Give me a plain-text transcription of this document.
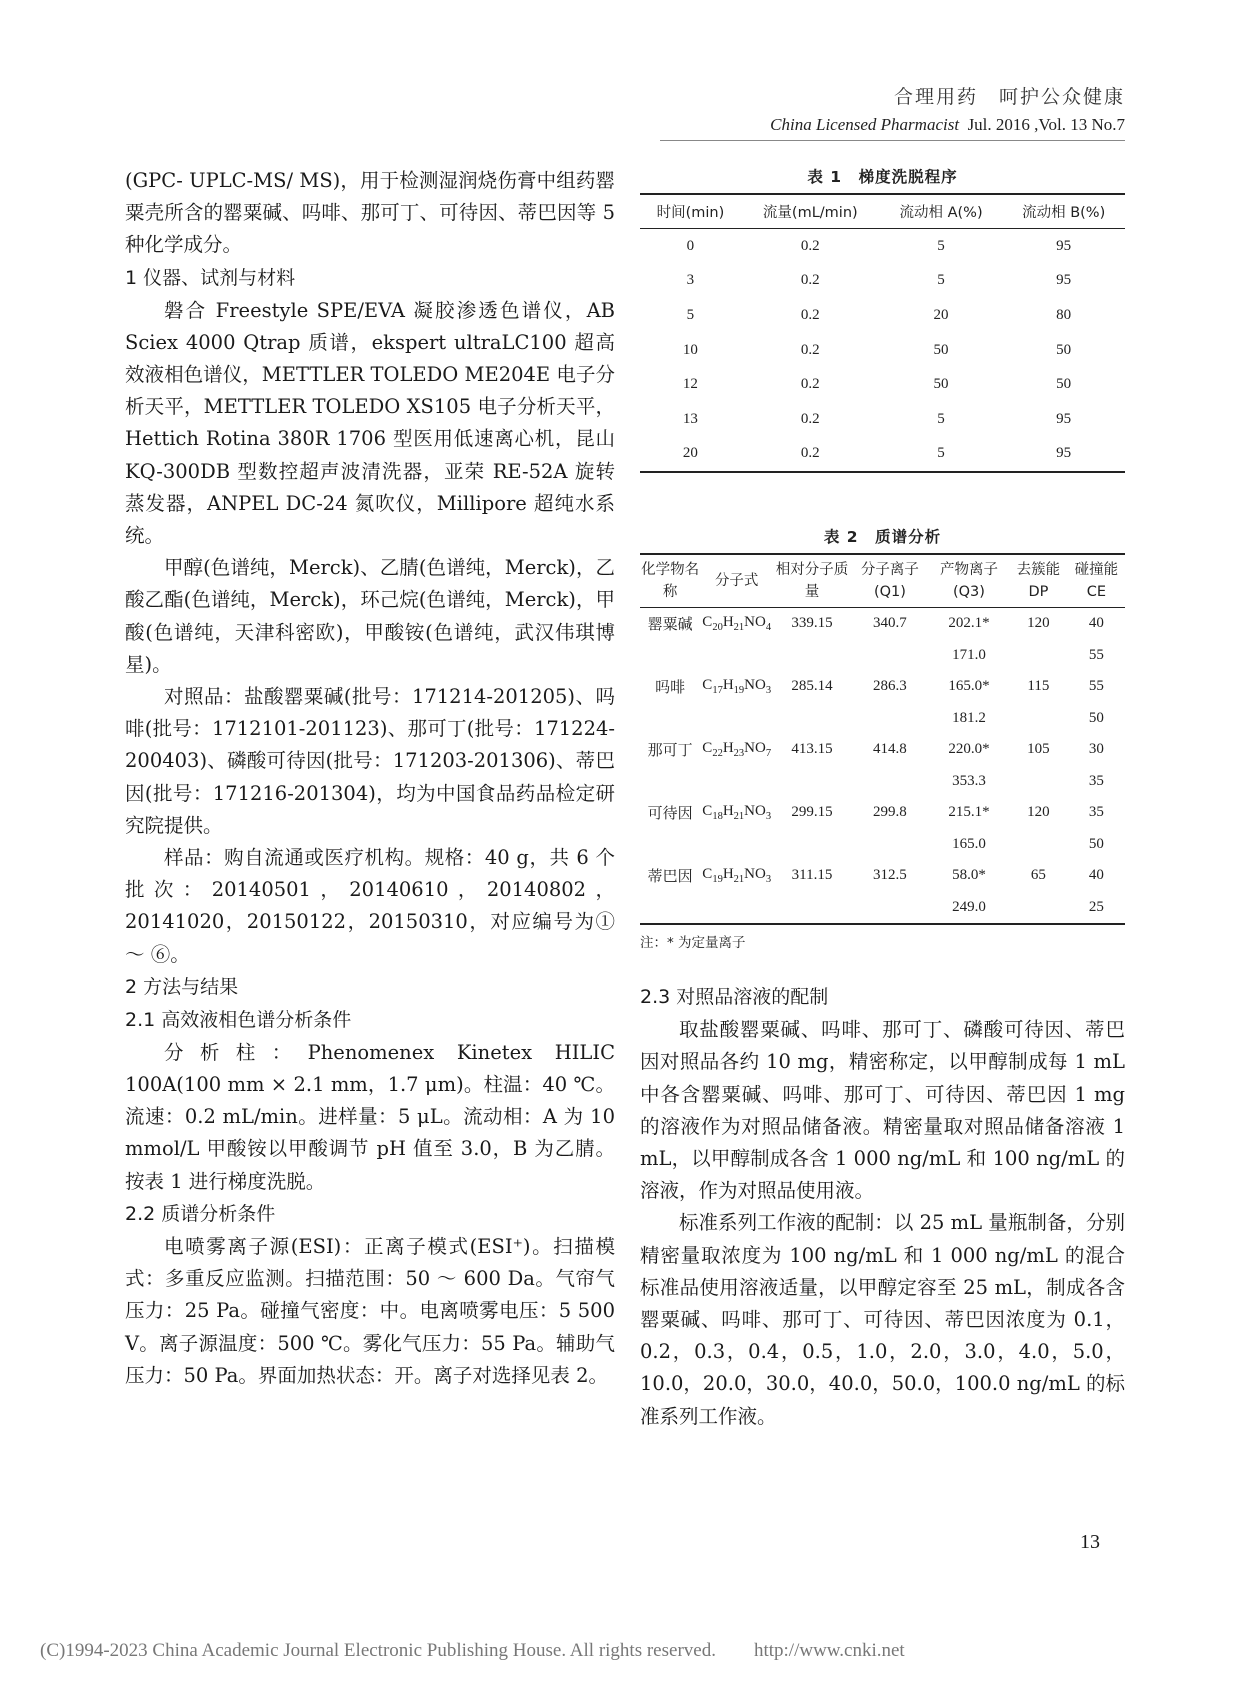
合理用药　呵护公众健康
China Licensed Pharmacist Jul. 2016 ,Vol. 13 No.7

(GPC- UPLC-MS/ MS)，用于检测湿润烧伤膏中组药罂粟壳所含的罂粟碱、吗啡、那可丁、可待因、蒂巴因等 5 种化学成分。

1 仪器、试剂与材料

磐合 Freestyle SPE/EVA 凝胶渗透色谱仪，AB Sciex 4000 Qtrap 质谱，ekspert ultraLC100 超高效液相色谱仪，METTLER TOLEDO ME204E 电子分析天平，METTLER TOLEDO XS105 电子分析天平，Hettich Rotina 380R 1706 型医用低速离心机，昆山 KQ-300DB 型数控超声波清洗器，亚荣 RE-52A 旋转蒸发器，ANPEL DC-24 氮吹仪，Millipore 超纯水系统。

甲醇(色谱纯，Merck)、乙腈(色谱纯，Merck)，乙酸乙酯(色谱纯，Merck)，环己烷(色谱纯，Merck)，甲酸(色谱纯，天津科密欧)，甲酸铵(色谱纯，武汉伟琪博星)。

对照品：盐酸罂粟碱(批号：171214-201205)、吗啡(批号：1712101-201123)、那可丁(批号：171224-200403)、磷酸可待因(批号：171203-201306)、蒂巴因(批号：171216-201304)，均为中国食品药品检定研究院提供。

样品：购自流通或医疗机构。规格：40 g，共 6 个批次：20140501，20140610，20140802，20141020，20150122，20150310，对应编号为① ～ ⑥。

2 方法与结果

2.1 高效液相色谱分析条件

分析柱：Phenomenex Kinetex HILIC 100A(100 mm × 2.1 mm，1.7 μm)。柱温：40 ℃。流速：0.2 mL/min。进样量：5 μL。流动相：A 为 10 mmol/L 甲酸铵以甲酸调节 pH 值至 3.0，B 为乙腈。按表 1 进行梯度洗脱。

2.2 质谱分析条件

电喷雾离子源(ESI)：正离子模式(ESI⁺)。扫描模式：多重反应监测。扫描范围：50 ～ 600 Da。气帘气压力：25 Pa。碰撞气密度：中。电离喷雾电压：5 500 V。离子源温度：500 ℃。雾化气压力：55 Pa。辅助气压力：50 Pa。界面加热状态：开。离子对选择见表 2。

表 1　梯度洗脱程序

时间(min)	流量(mL/min)	流动相 A(%)	流动相 B(%)
0	0.2	5	95
3	0.2	5	95
5	0.2	20	80
10	0.2	50	50
12	0.2	50	50
13	0.2	5	95
20	0.2	5	95

表 2　质谱分析

化学物名称	分子式	相对分子质量	分子离子(Q1)	产物离子(Q3)	去簇能 DP	碰撞能 CE
罂粟碱	$C_{20}H_{21}NO_4$	339.15	340.7	202.1*	120	40
				171.0		55
吗啡	$C_{17}H_{19}NO_3$	285.14	286.3	165.0*	115	55
				181.2		50
那可丁	$C_{22}H_{23}NO_7$	413.15	414.8	220.0*	105	30
				353.3		35
可待因	$C_{18}H_{21}NO_3$	299.15	299.8	215.1*	120	35
				165.0		50
蒂巴因	$C_{19}H_{21}NO_3$	311.15	312.5	58.0*	65	40
				249.0		25

注：* 为定量离子

2.3 对照品溶液的配制

取盐酸罂粟碱、吗啡、那可丁、磷酸可待因、蒂巴因对照品各约 10 mg，精密称定，以甲醇制成每 1 mL 中各含罂粟碱、吗啡、那可丁、可待因、蒂巴因 1 mg 的溶液作为对照品储备液。精密量取对照品储备溶液 1 mL，以甲醇制成各含 1 000 ng/mL 和 100 ng/mL 的溶液，作为对照品使用液。

标准系列工作液的配制：以 25 mL 量瓶制备，分别精密量取浓度为 100 ng/mL 和 1 000 ng/mL 的混合标准品使用溶液适量，以甲醇定容至 25 mL，制成各含罂粟碱、吗啡、那可丁、可待因、蒂巴因浓度为 0.1，0.2，0.3，0.4，0.5，1.0，2.0，3.0，4.0，5.0，10.0，20.0，30.0，40.0，50.0，100.0 ng/mL 的标准系列工作液。

13
(C)1994-2023 China Academic Journal Electronic Publishing House. All rights reserved.　　http://www.cnki.net
